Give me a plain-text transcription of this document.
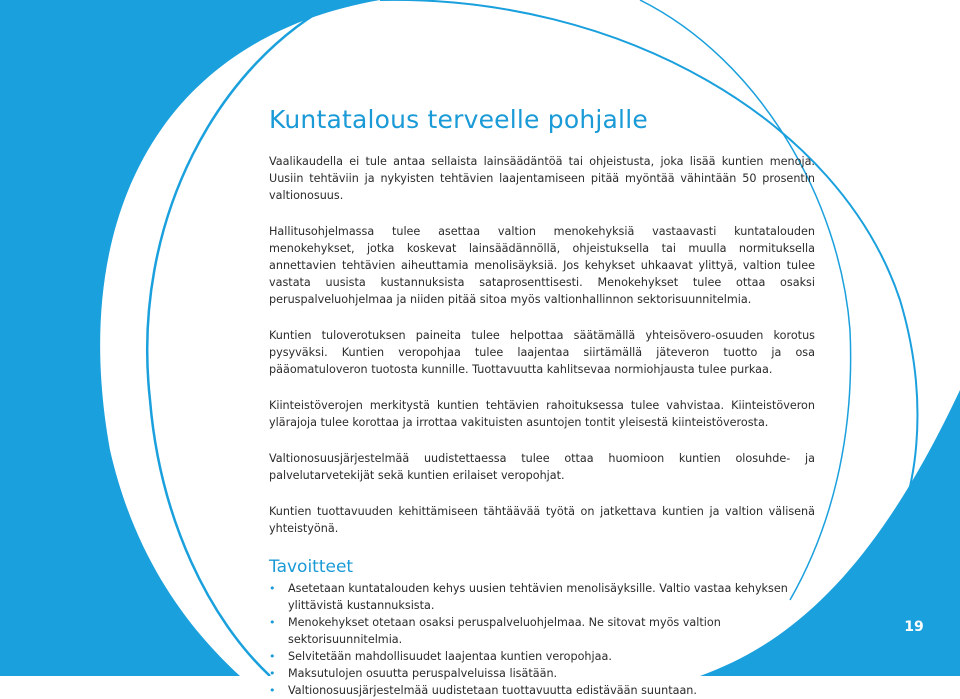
Kuntatalous terveelle pohjalle

Vaalikaudella ei tule antaa sellaista lainsäädäntöä tai ohjeistusta, joka lisää kuntien menoja. Uusiin tehtäviin ja nykyisten tehtävien laajentamiseen pitää myöntää vähintään 50 prosentin valtionosuus.

Hallitusohjelmassa tulee asettaa valtion menokehyksiä vastaavasti kuntatalouden menokehykset, jotka koskevat lainsäädännöllä, ohjeistuksella tai muulla normituksella annettavien tehtävien aiheuttamia menolisäyksiä. Jos kehykset uhkaavat ylittyä, valtion tulee vastata uusista kustannuksista sataprosenttisesti. Menokehykset tulee ottaa osaksi peruspalveluohjelmaa ja niiden pitää sitoa myös valtionhallinnon sektorisuunnitelmia.

Kuntien tuloverotuksen paineita tulee helpottaa säätämällä yhteisövero-osuuden korotus pysyväksi. Kuntien veropohjaa tulee laajentaa siirtämällä jäteveron tuotto ja osa pääomatuloveron tuotosta kunnille. Tuottavuutta kahlitsevaa normiohjausta tulee purkaa.

Kiinteistöverojen merkitystä kuntien tehtävien rahoituksessa tulee vahvistaa. Kiinteistöveron ylärajoja tulee korottaa ja irrottaa vakituisten asuntojen tontit yleisestä kiinteistöverosta.

Valtionosuusjärjestelmää uudistettaessa tulee ottaa huomioon kuntien olosuhde- ja palvelutarvetekijät sekä kuntien erilaiset veropohjat.

Kuntien tuottavuuden kehittämiseen tähtäävää työtä on jatkettava kuntien ja valtion välisenä yhteistyönä.

Tavoitteet
• Asetetaan kuntatalouden kehys uusien tehtävien menolisäyksille. Valtio vastaa kehyksen ylittävistä kustannuksista.
• Menokehykset otetaan osaksi peruspalveluohjelmaa. Ne sitovat myös valtion sektorisuunnitelmia.
• Selvitetään mahdollisuudet laajentaa kuntien veropohjaa.
• Maksutulojen osuutta peruspalveluissa lisätään.
• Valtionosuusjärjestelmää uudistetaan tuottavuutta edistävään suuntaan.
19
